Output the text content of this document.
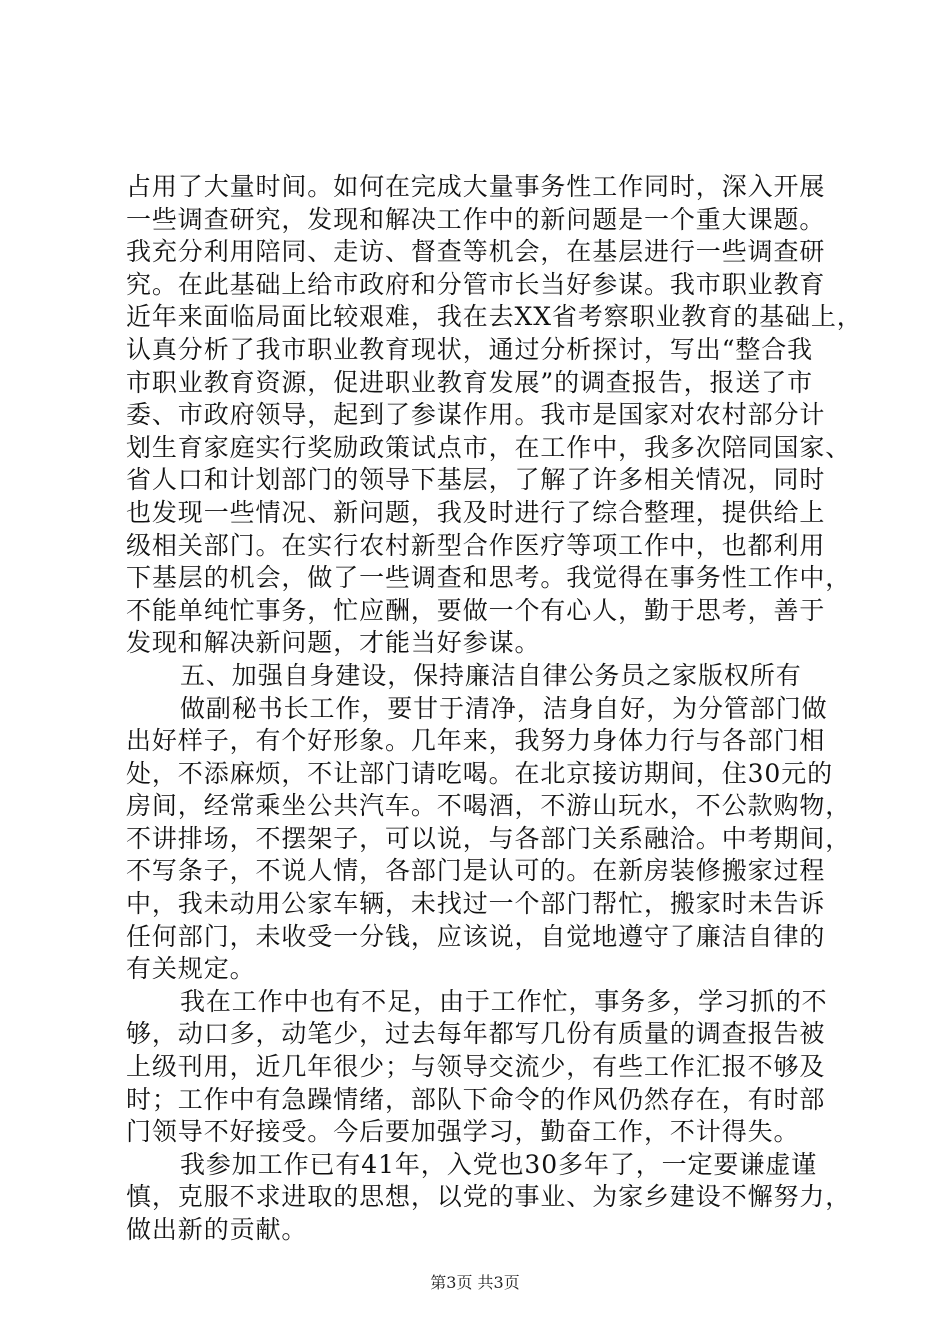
占用了大量时间。如何在完成大量事务性工作同时，深入开展
一些调查研究，发现和解决工作中的新问题是一个重大课题。
我充分利用陪同、走访、督查等机会，在基层进行一些调查研
究。在此基础上给市政府和分管市长当好参谋。我市职业教育
近年来面临局面比较艰难，我在去XX省考察职业教育的基础上，
认真分析了我市职业教育现状，通过分析探讨，写出“整合我
市职业教育资源，促进职业教育发展”的调查报告，报送了市
委、市政府领导，起到了参谋作用。我市是国家对农村部分计
划生育家庭实行奖励政策试点市，在工作中，我多次陪同国家、
省人口和计划部门的领导下基层，了解了许多相关情况，同时
也发现一些情况、新问题，我及时进行了综合整理，提供给上
级相关部门。在实行农村新型合作医疗等项工作中，也都利用
下基层的机会，做了一些调查和思考。我觉得在事务性工作中，
不能单纯忙事务，忙应酬，要做一个有心人，勤于思考，善于
发现和解决新问题，才能当好参谋。
五、加强自身建设，保持廉洁自律公务员之家版权所有
做副秘书长工作，要甘于清净，洁身自好，为分管部门做
出好样子，有个好形象。几年来，我努力身体力行与各部门相
处，不添麻烦，不让部门请吃喝。在北京接访期间，住30元的
房间，经常乘坐公共汽车。不喝酒，不游山玩水，不公款购物，
不讲排场，不摆架子，可以说，与各部门关系融洽。中考期间，
不写条子，不说人情，各部门是认可的。在新房装修搬家过程
中，我未动用公家车辆，未找过一个部门帮忙，搬家时未告诉
任何部门，未收受一分钱，应该说，自觉地遵守了廉洁自律的
有关规定。
我在工作中也有不足，由于工作忙，事务多，学习抓的不
够，动口多，动笔少，过去每年都写几份有质量的调查报告被
上级刊用，近几年很少；与领导交流少，有些工作汇报不够及
时；工作中有急躁情绪，部队下命令的作风仍然存在，有时部
门领导不好接受。今后要加强学习，勤奋工作，不计得失。
我参加工作已有41年，入党也30多年了，一定要谦虚谨
慎，克服不求进取的思想，以党的事业、为家乡建设不懈努力，
做出新的贡献。
第3页 共3页
